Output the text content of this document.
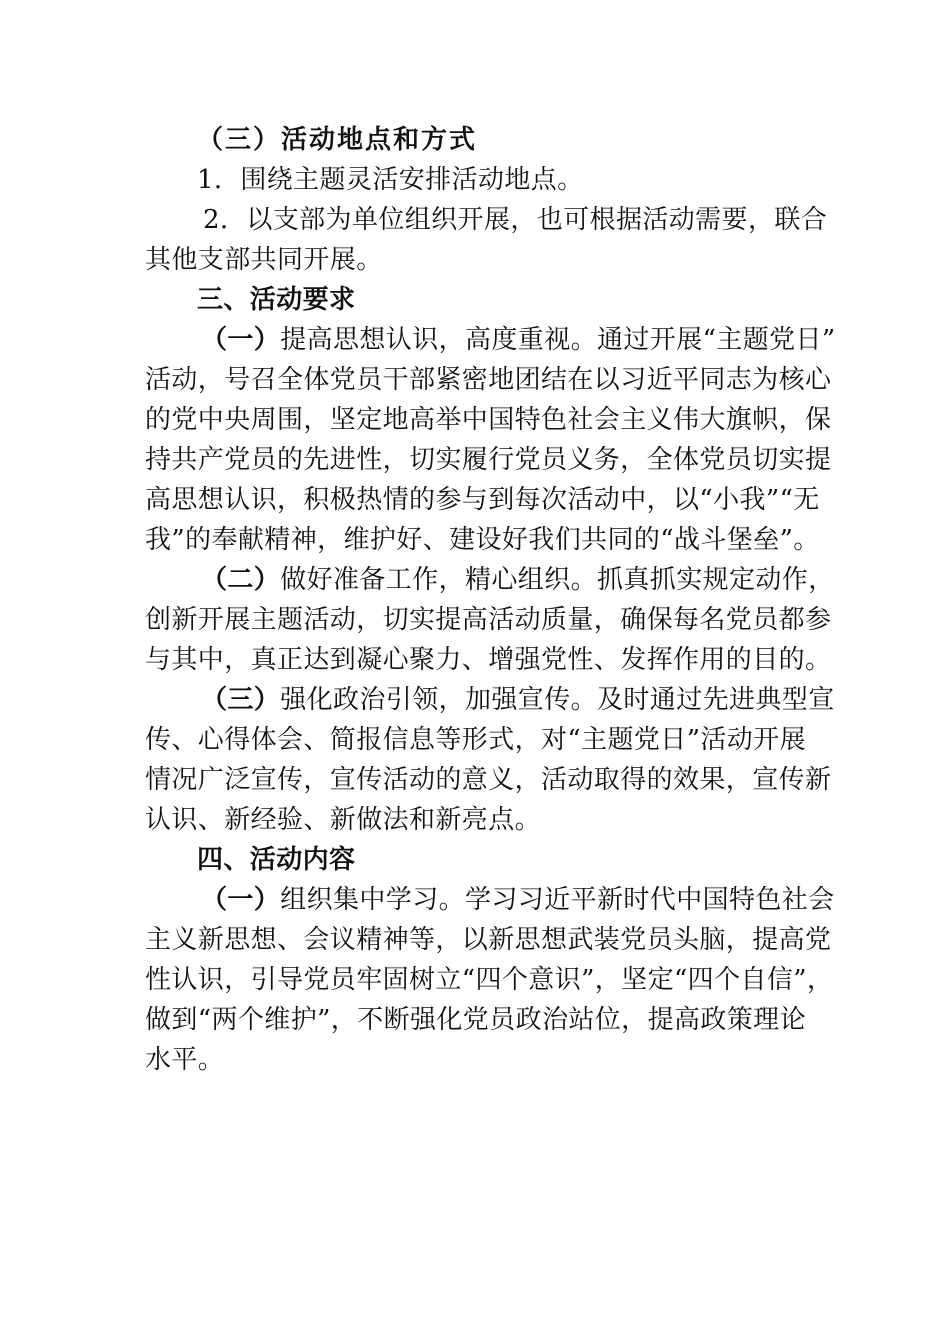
（三）活动地点和方式
1．围绕主题灵活安排活动地点。
2．以支部为单位组织开展，也可根据活动需要，联合
其他支部共同开展。
三、活动要求
（一）提高思想认识，高度重视。通过开展“主题党日”
活动，号召全体党员干部紧密地团结在以习近平同志为核心
的党中央周围，坚定地高举中国特色社会主义伟大旗帜，保
持共产党员的先进性，切实履行党员义务，全体党员切实提
高思想认识，积极热情的参与到每次活动中，以“小我”“无
我”的奉献精神，维护好、建设好我们共同的“战斗堡垒”。
（二）做好准备工作，精心组织。抓真抓实规定动作，
创新开展主题活动，切实提高活动质量，确保每名党员都参
与其中，真正达到凝心聚力、增强党性、发挥作用的目的。
（三）强化政治引领，加强宣传。及时通过先进典型宣
传、心得体会、简报信息等形式，对“主题党日”活动开展
情况广泛宣传，宣传活动的意义，活动取得的效果，宣传新
认识、新经验、新做法和新亮点。
四、活动内容
（一）组织集中学习。学习习近平新时代中国特色社会
主义新思想、会议精神等，以新思想武装党员头脑，提高党
性认识，引导党员牢固树立“四个意识”，坚定“四个自信”，
做到“两个维护”，不断强化党员政治站位，提高政策理论
水平。
